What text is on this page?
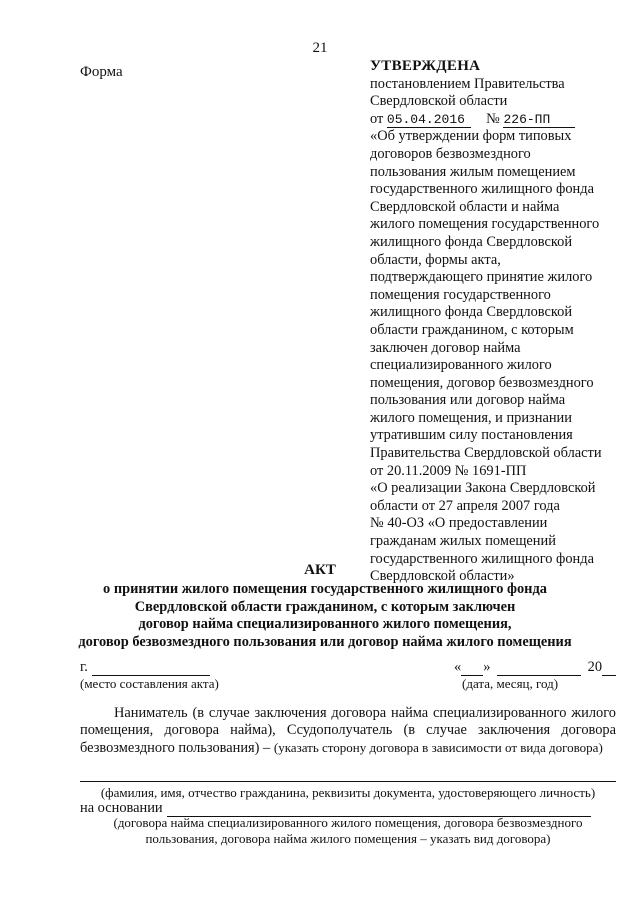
21
Форма	УТВЕРЖДЕНА
постановлением Правительства
Свердловской области
от 05.04.2016 № 226-ПП
«Об утверждении форм типовых
договоров безвозмездного
пользования жилым помещением
государственного жилищного фонда
Свердловской области и найма
жилого помещения государственного
жилищного фонда Свердловской
области, формы акта,
подтверждающего принятие жилого
помещения государственного
жилищного фонда Свердловской
области гражданином, с которым
заключен договор найма
специализированного жилого
помещения, договор безвозмездного
пользования или договор найма
жилого помещения, и признании
утратившим силу постановления
Правительства Свердловской области
от 20.11.2009 № 1691-ПП
«О реализации Закона Свердловской
области от 27 апреля 2007 года
№ 40-ОЗ «О предоставлении
гражданам жилых помещений
государственного жилищного фонда
Свердловской области»
АКТ
о принятии жилого помещения государственного жилищного фонда
Свердловской области гражданином, с которым заключен
договор найма специализированного жилого помещения,
договор безвозмездного пользования или договор найма жилого помещения
г.
(место составления акта)
« »	20
(дата, месяц, год)
Наниматель (в случае заключения договора найма специализированного жилого помещения, договора найма), Ссудополучатель (в случае заключения договора безвозмездного пользования) – (указать сторону договора в зависимости от вида договора)
(фамилия, имя, отчество гражданина, реквизиты документа, удостоверяющего личность)
на основании
(договора найма специализированного жилого помещения, договора безвозмездного
пользования, договора найма жилого помещения – указать вид договора)
